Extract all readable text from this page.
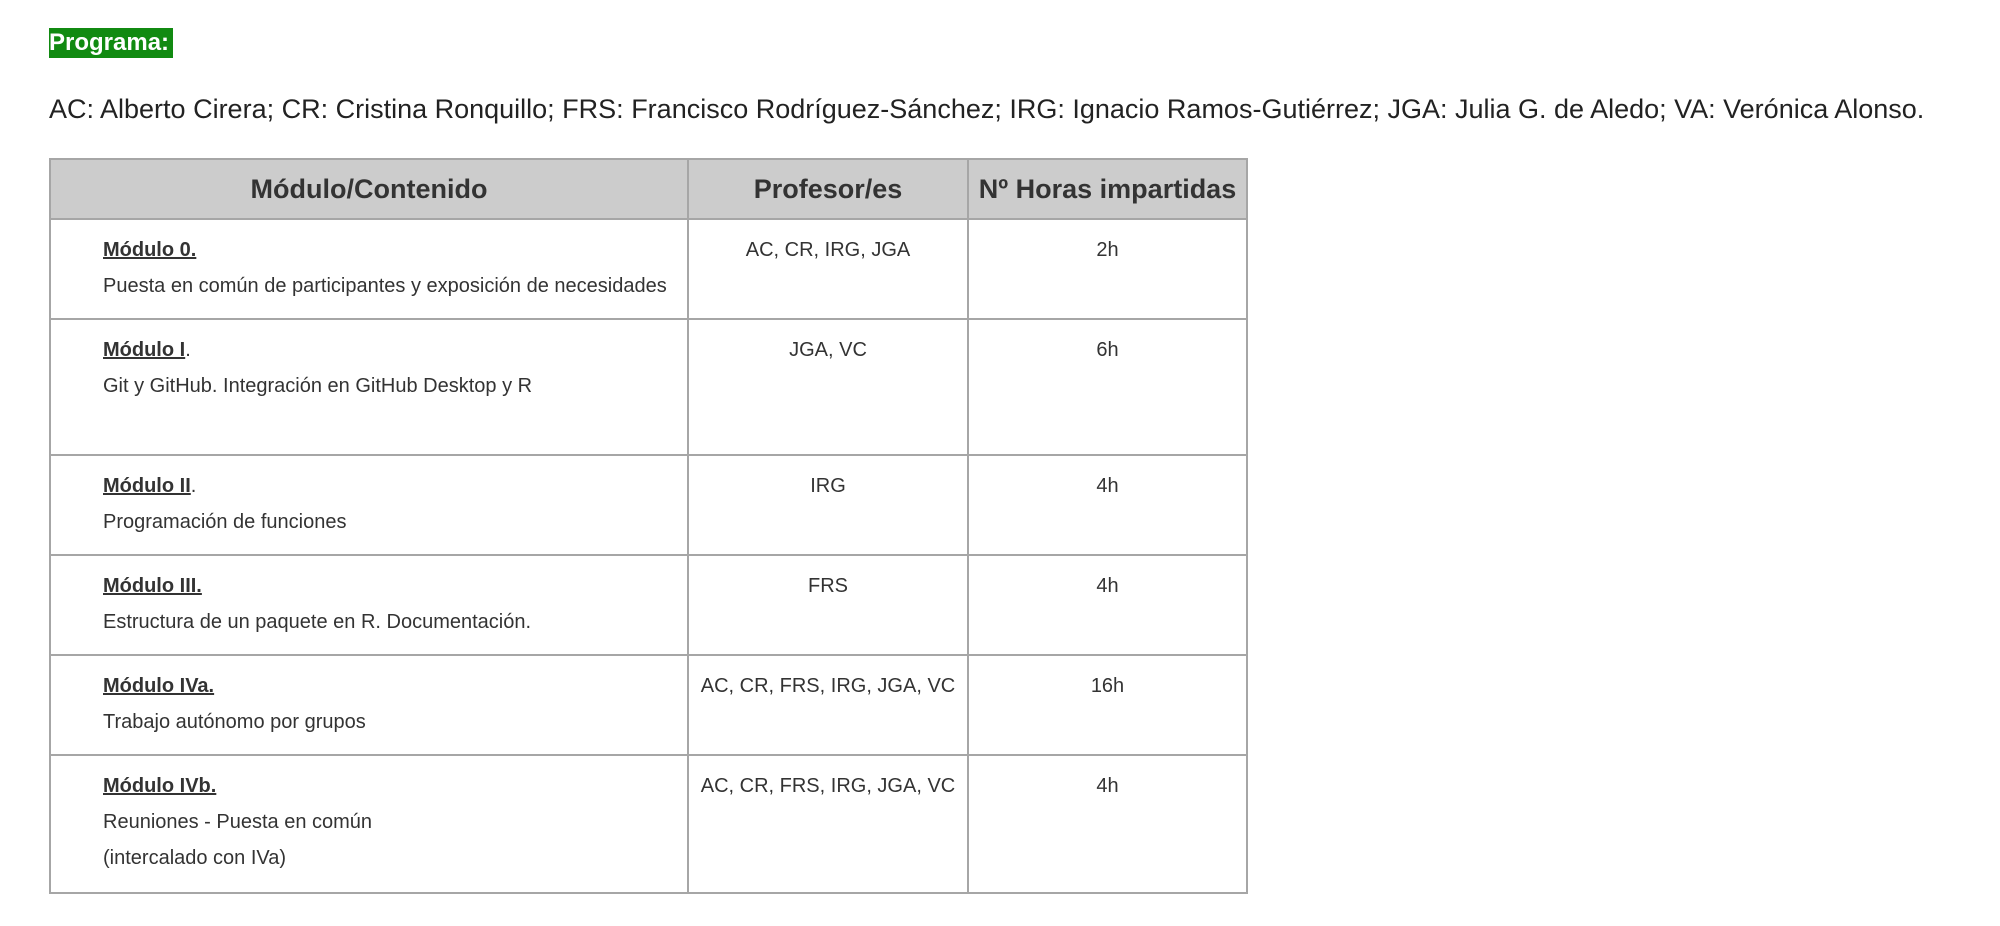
Programa:
AC: Alberto Cirera; CR: Cristina Ronquillo; FRS: Francisco Rodríguez-Sánchez; IRG: Ignacio Ramos-Gutiérrez; JGA: Julia G. de Aledo; VA: Verónica Alonso.
Módulo/Contenido	Profesor/es	Nº Horas impartidas
Módulo 0.
Puesta en común de participantes y exposición de necesidades	AC, CR, IRG, JGA	2h
Módulo I.
Git y GitHub. Integración en GitHub Desktop y R	JGA, VC	6h
Módulo II.
Programación de funciones	IRG	4h
Módulo III.
Estructura de un paquete en R. Documentación.	FRS	4h
Módulo IVa.
Trabajo autónomo por grupos	AC, CR, FRS, IRG, JGA, VC	16h
Módulo IVb.
Reuniones - Puesta en común
(intercalado con IVa)	AC, CR, FRS, IRG, JGA, VC	4h
